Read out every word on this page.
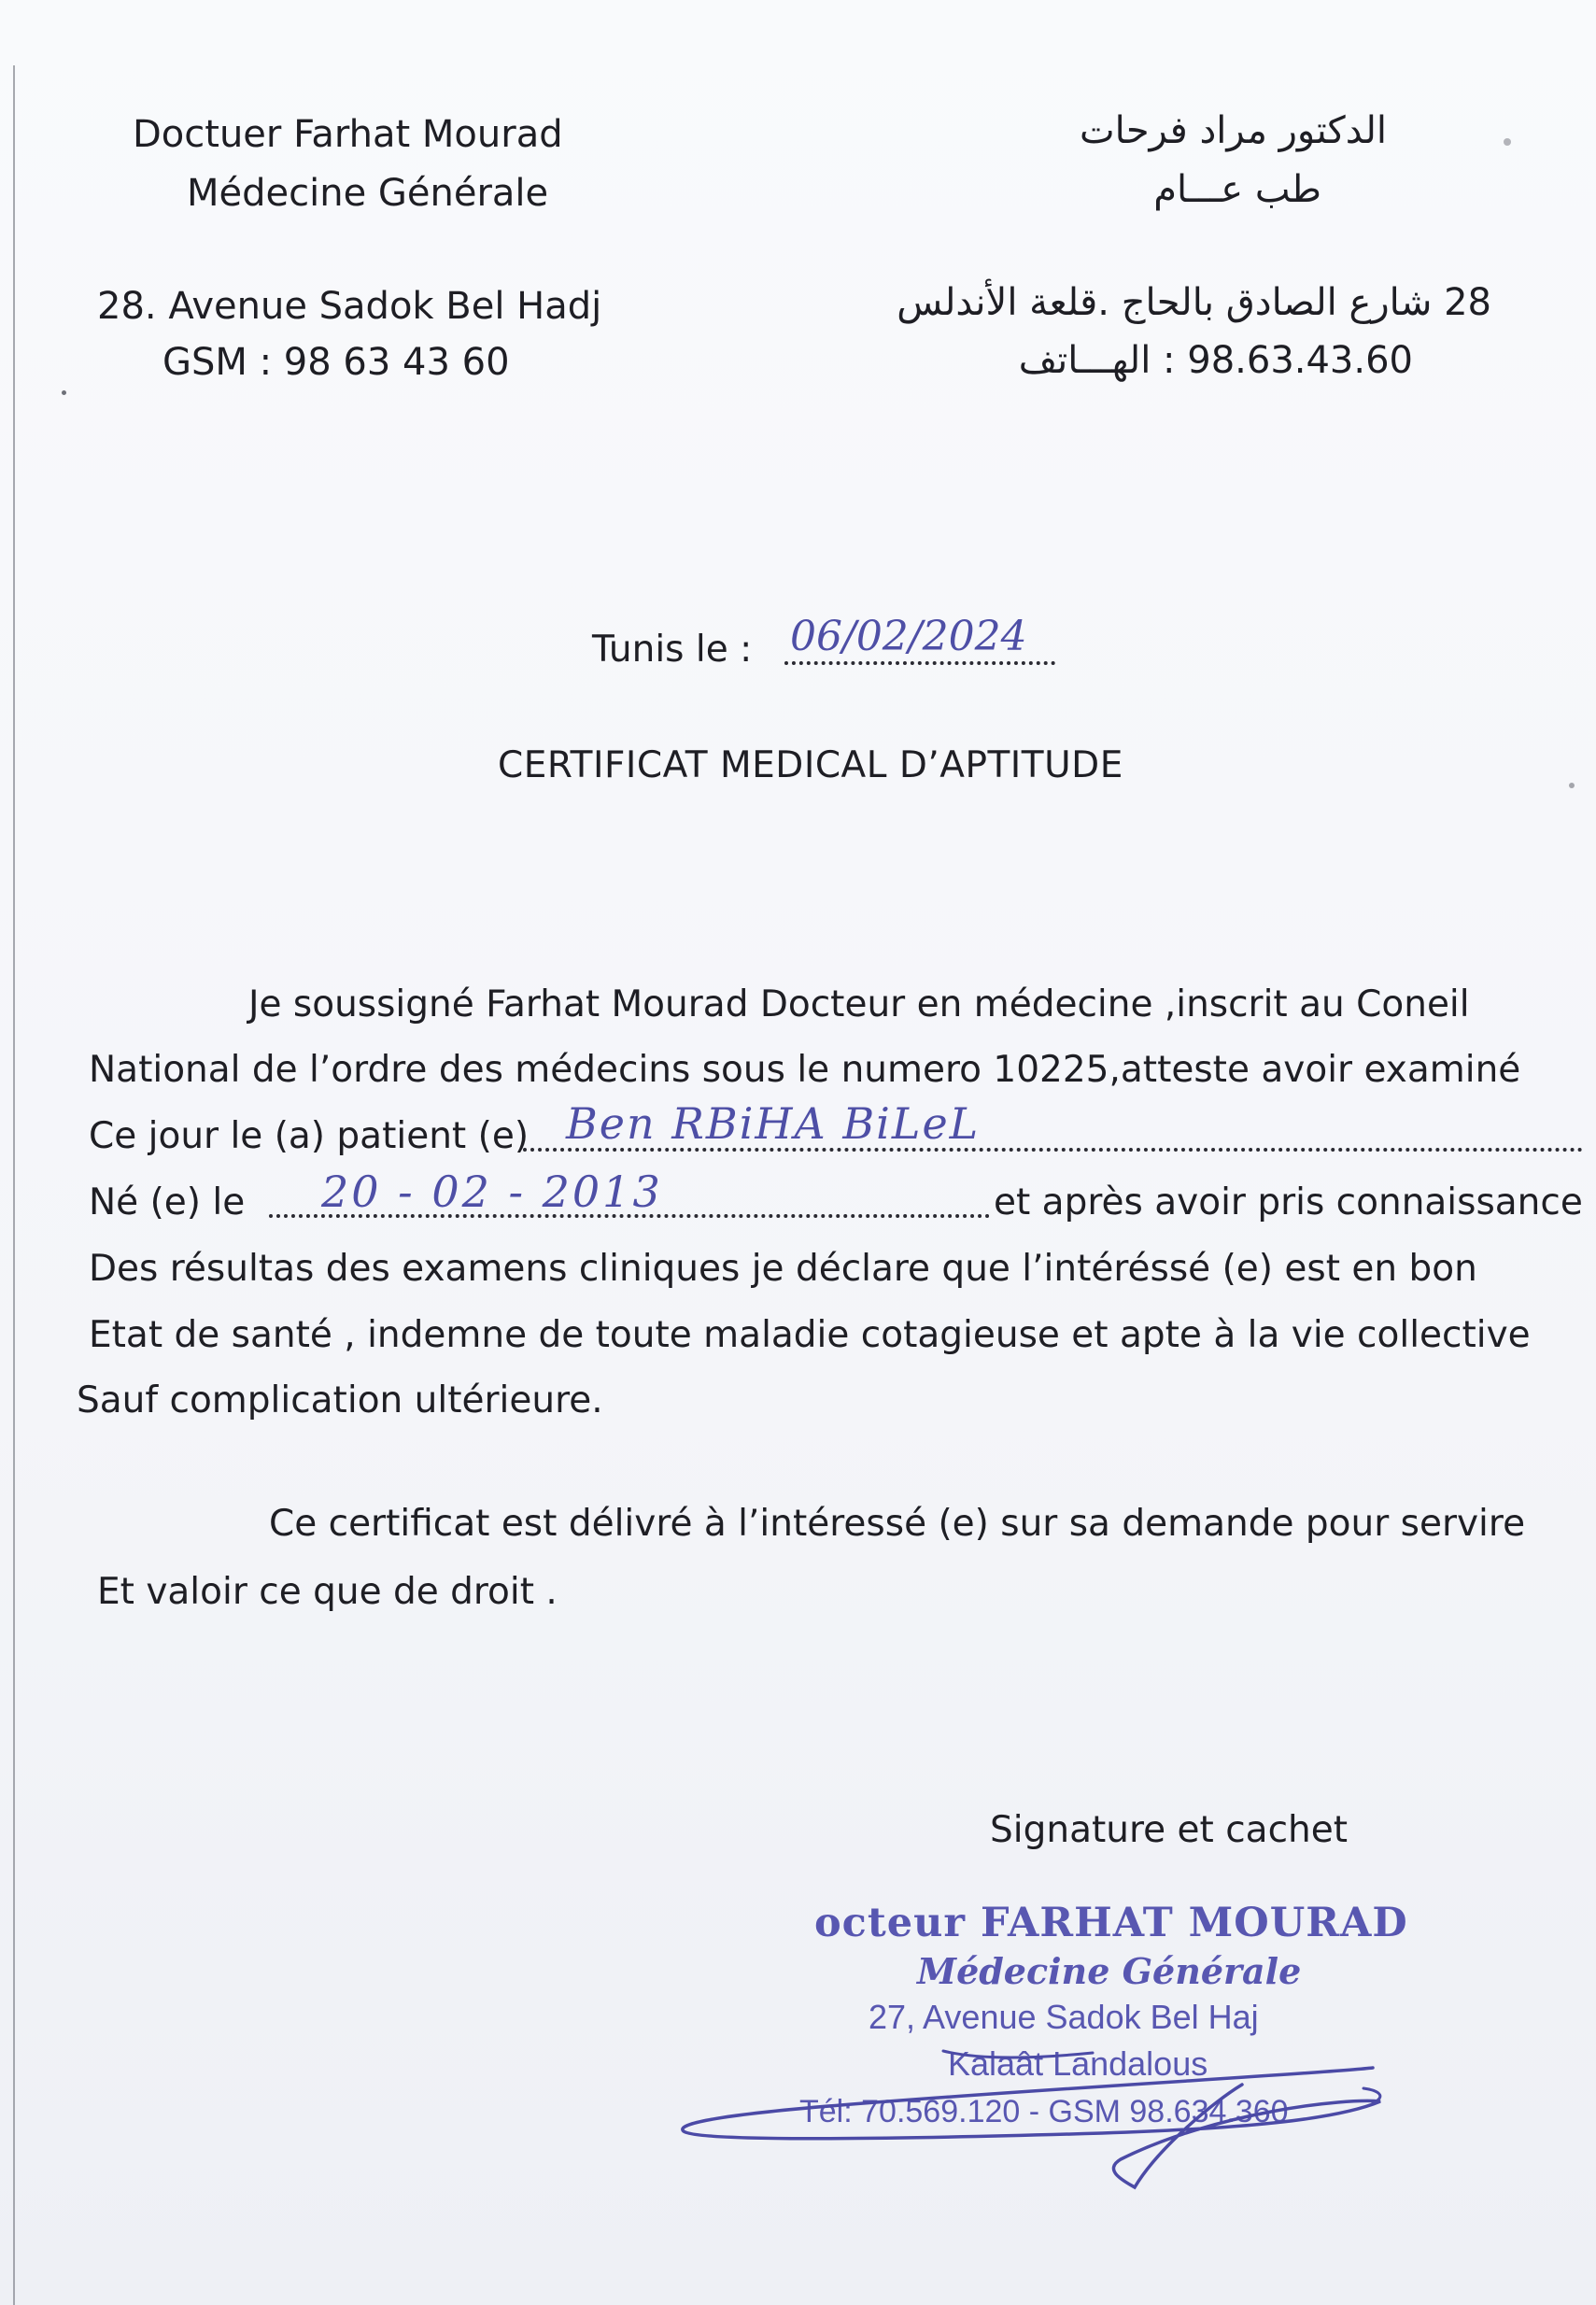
Doctuer Farhat Mourad
Médecine Générale
28. Avenue Sadok Bel Hadj
GSM : 98 63 43 60
الدكتور مراد فرحات
طب عـــام
28 شارع الصادق بالحاج .قلعة الأندلس
98.63.43.60 : الهـــاتف
Tunis le : 06/02/2024
CERTIFICAT MEDICAL D’APTITUDE
Je soussigné Farhat Mourad Docteur en médecine ,inscrit au Coneil
National de l’ordre des médecins sous le numero 10225,atteste avoir examiné
Ce jour le (a) patient (e) Ben RBiHA BiLeL
Né (e) le 20 - 02 - 2013	et après avoir pris connaissance
Des résultas des examens cliniques je déclare que l’intéréssé (e) est en bon
Etat de santé , indemne de toute maladie cotagieuse et apte à la vie collective
Sauf complication ultérieure.
Ce certificat est délivré à l’intéressé (e) sur sa demande pour servire
Et valoir ce que de droit .
Signature et cachet
octeur FARHAT MOURAD
Médecine Générale
27, Avenue Sadok Bel Haj
Kalaât Landalous
Tél: 70.569.120 - GSM 98.634.360
